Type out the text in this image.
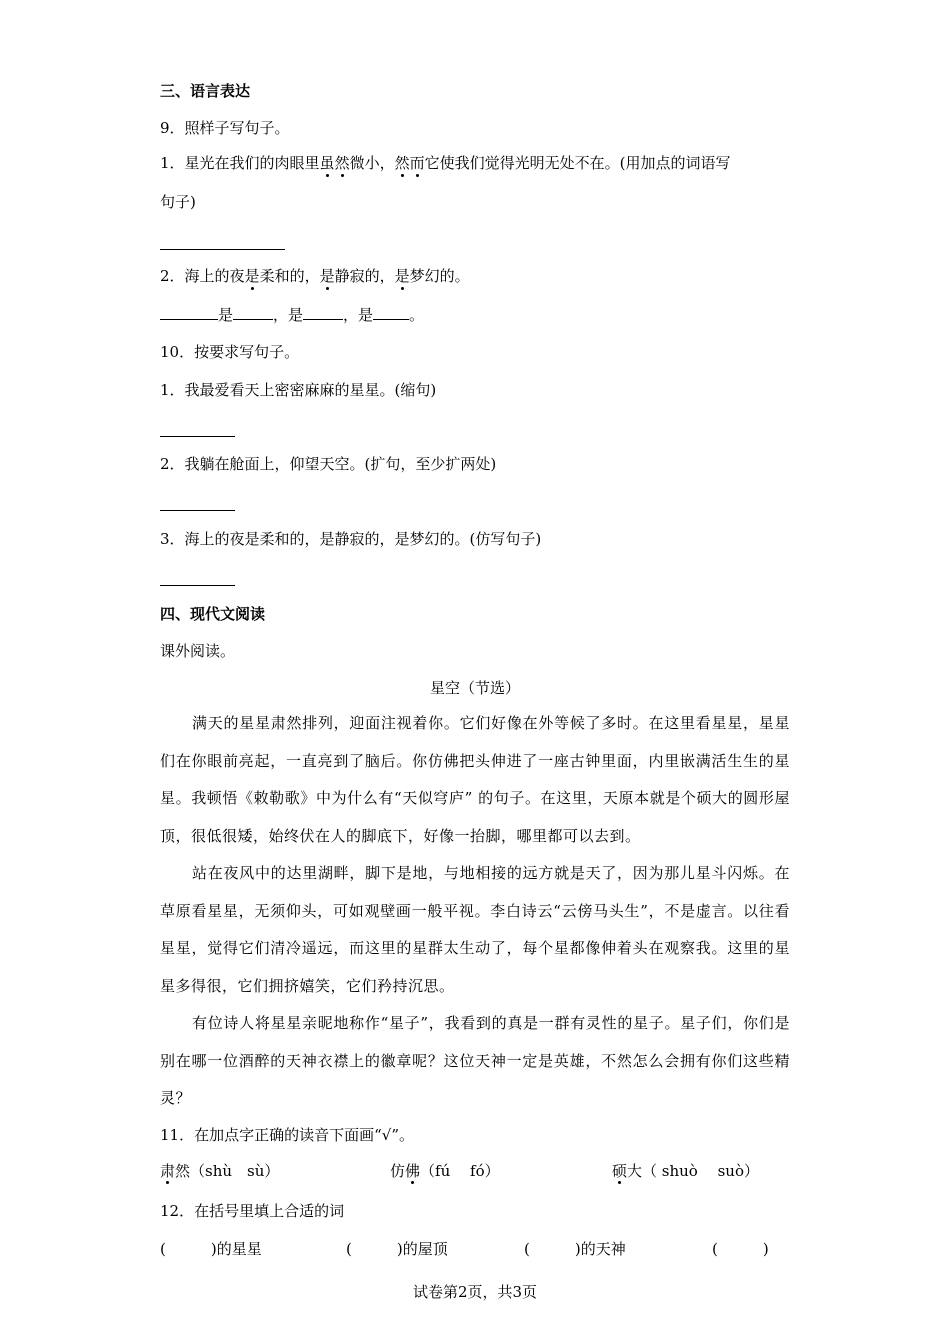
三、语言表达
9．照样子写句子。
1．星光在我们的肉眼里虽然微小，然而它使我们觉得光明无处不在。(用加点的词语写
句子)
2．海上的夜是柔和的，是静寂的，是梦幻的。
是	，是	，是 。
10．按要求写句子。
1．我最爱看天上密密麻麻的星星。(缩句)
2．我躺在舱面上，仰望天空。(扩句，至少扩两处)
3．海上的夜是柔和的，是静寂的，是梦幻的。(仿写句子)
四、现代文阅读
课外阅读。
星空（节选）
满天的星星肃然排列，迎面注视着你。它们好像在外等候了多时。在这里看星星，星星们在你眼前亮起，一直亮到了脑后。你仿佛把头伸进了一座古钟里面，内里嵌满活生生的星星。我顿悟《敕勒歌》中为什么有“天似穹庐” 的句子。在这里，天原本就是个硕大的圆形屋顶，很低很矮，始终伏在人的脚底下，好像一抬脚，哪里都可以去到。
站在夜风中的达里湖畔，脚下是地，与地相接的远方就是天了，因为那儿星斗闪烁。在草原看星星，无须仰头，可如观壁画一般平视。李白诗云“云傍马头生”，不是虚言。以往看星星，觉得它们清冷遥远，而这里的星群太生动了，每个星都像伸着头在观察我。这里的星星多得很，它们拥挤嬉笑，它们矜持沉思。
有位诗人将星星亲昵地称作“星子”，我看到的真是一群有灵性的星子。星子们，你们是别在哪一位酒醉的天神衣襟上的徽章呢？这位天神一定是英雄，不然怎么会拥有你们这些精灵？
11．在加点字正确的读音下面画“√”。
肃然（shù　sù）	仿佛（fú　 fó）	硕大（ shuò　 suò）
12．在括号里填上合适的词
(　　　)的星星	(　　　)的屋顶	(　　　)的天神	(　　　)
试卷第2页，共3页
